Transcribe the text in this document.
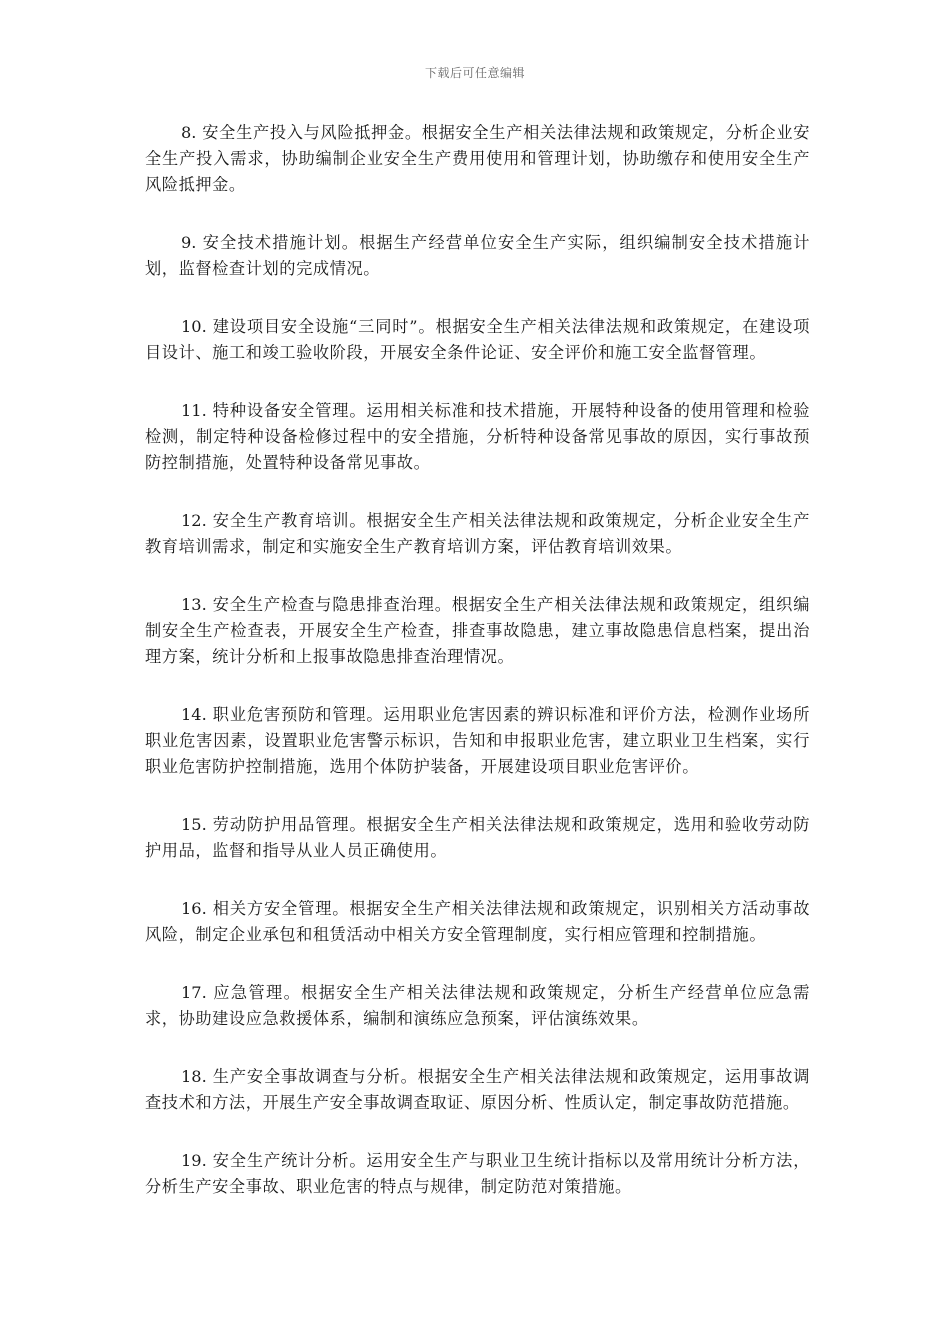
下载后可任意编辑

8. 安全生产投入与风险抵押金。根据安全生产相关法律法规和政策规定，分析企业安全生产投入需求，协助编制企业安全生产费用使用和管理计划，协助缴存和使用安全生产风险抵押金。

9. 安全技术措施计划。根据生产经营单位安全生产实际，组织编制安全技术措施计划，监督检查计划的完成情况。

10. 建设项目安全设施“三同时”。根据安全生产相关法律法规和政策规定，在建设项目设计、施工和竣工验收阶段，开展安全条件论证、安全评价和施工安全监督管理。

11. 特种设备安全管理。运用相关标准和技术措施，开展特种设备的使用管理和检验检测，制定特种设备检修过程中的安全措施，分析特种设备常见事故的原因，实行事故预防控制措施，处置特种设备常见事故。

12. 安全生产教育培训。根据安全生产相关法律法规和政策规定，分析企业安全生产教育培训需求，制定和实施安全生产教育培训方案，评估教育培训效果。

13. 安全生产检查与隐患排查治理。根据安全生产相关法律法规和政策规定，组织编制安全生产检查表，开展安全生产检查，排查事故隐患，建立事故隐患信息档案，提出治理方案，统计分析和上报事故隐患排查治理情况。

14. 职业危害预防和管理。运用职业危害因素的辨识标准和评价方法，检测作业场所职业危害因素，设置职业危害警示标识，告知和申报职业危害，建立职业卫生档案，实行职业危害防护控制措施，选用个体防护装备，开展建设项目职业危害评价。

15. 劳动防护用品管理。根据安全生产相关法律法规和政策规定，选用和验收劳动防护用品，监督和指导从业人员正确使用。

16. 相关方安全管理。根据安全生产相关法律法规和政策规定，识别相关方活动事故风险，制定企业承包和租赁活动中相关方安全管理制度，实行相应管理和控制措施。

17. 应急管理。根据安全生产相关法律法规和政策规定，分析生产经营单位应急需求，协助建设应急救援体系，编制和演练应急预案，评估演练效果。

18. 生产安全事故调查与分析。根据安全生产相关法律法规和政策规定，运用事故调查技术和方法，开展生产安全事故调查取证、原因分析、性质认定，制定事故防范措施。

19. 安全生产统计分析。运用安全生产与职业卫生统计指标以及常用统计分析方法，分析生产安全事故、职业危害的特点与规律，制定防范对策措施。
